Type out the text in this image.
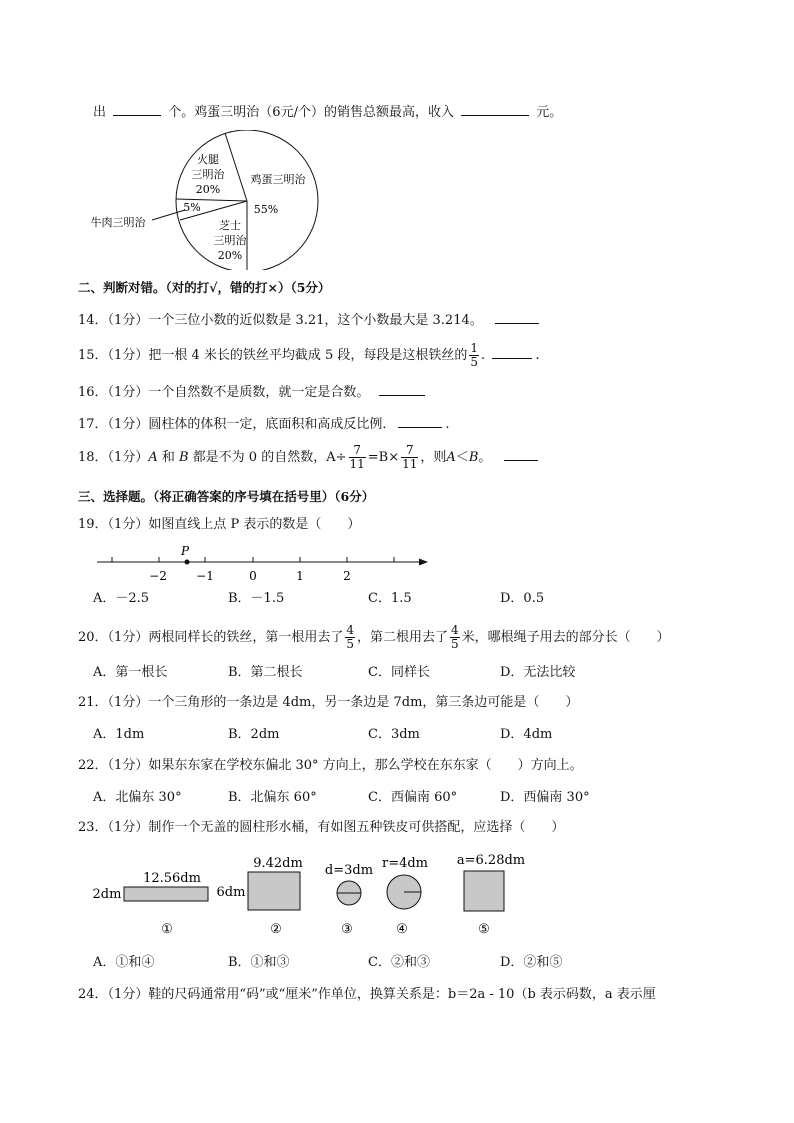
出	个。鸡蛋三明治（6元/个）的销售总额最高，收入	元。
火腿
三明治
20%
鸡蛋三明治
55%
5%
牛肉三明治	芝士
三明治
20%
二、判断对错。（对的打√，错的打×）（5分）
14．（1分）一个三位小数的近似数是 3.21，这个小数最大是 3.214。
15．（1分）把一根 4 米长的铁丝平均截成 5 段，每段是这根铁丝的 $\frac{1}{5}$ .	.
16．（1分）一个自然数不是质数，就一定是合数。
17．（1分）圆柱体的体积一定，底面积和高成反比例．	.
18．（1分）A 和 B 都是不为 0 的自然数，$A\div \frac{7}{11} =B\times \frac{7}{11}$ ，则A＜B。
三、选择题。（将正确答案的序号填在括号里）（6分）
19．（1分）如图直线上点 P 表示的数是（　　）
P
−2 −1	0	1	2
A．－2.5	B．－1.5	C．1.5	D．0.5
20．（1分）两根同样长的铁丝，第一根用去了 $\frac{4}{5}$ ，第二根用去了 $\frac{4}{5}$ 米，哪根绳子用去的部分长（　　）
A．第一根长	B．第二根长	C．同样长	D．无法比较
21．（1分）一个三角形的一条边是 4dm，另一条边是 7dm，第三条边可能是（　　）
A．1dm	B．2dm	C．3dm	D．4dm
22．（1分）如果东东家在学校东偏北 30° 方向上，那么学校在东东家（　　）方向上。
A．北偏东 30°	B．北偏东 60°	C．西偏南 60°	D．西偏南 30°
23．（1分）制作一个无盖的圆柱形水桶，有如图五种铁皮可供搭配，应选择（　　）
12.56dm
2dm
①
9.42dm
6dm
②
d=3dm
③
r=4dm
④
a=6.28dm
⑤
A．①和④	B．①和③	C．②和③	D．②和⑤
24．（1分）鞋的尺码通常用“码”或“厘米”作单位，换算关系是：b＝2a - 10（b 表示码数，a 表示厘
